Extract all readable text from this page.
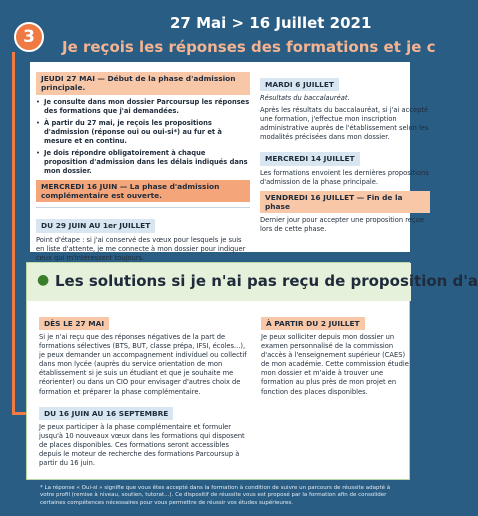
27 Mai > 16 Juillet 2021
Je reçois les réponses des formations et je c
3
JEUDI 27 MAI — Début de la phase d'admission principale.

• Je consulte dans mon dossier Parcoursup les réponses des formations que j'ai demandées.

• À partir du 27 mai, je reçois les propositions d'admission (réponse oui ou oui-si*) au fur et à mesure et en continu.

• Je dois répondre obligatoirement à chaque proposition d'admission dans les délais indiqués dans mon dossier.

MERCREDI 16 JUIN — La phase d'admission complémentaire est ouverte.
DU 29 JUIN AU 1er JUILLET

Point d'étape : si j'ai conservé des vœux pour lesquels je suis en liste d'attente, je me connecte à mon dossier pour indiquer ceux qui m'intéressent toujours.

MARDI 6 JUILLET

Résultats du baccalauréat.

Après les résultats du baccalauréat, si j'ai accepté une formation, j'effectue mon inscription administrative auprès de l'établissement selon les modalités précisées dans mon dossier.

MERCREDI 14 JUILLET

Les formations envoient les dernières propositions d'admission de la phase principale.

VENDREDI 16 JUILLET — Fin de la phase

Dernier jour pour accepter une proposition reçue lors de cette phase.

● Les solutions si je n'ai pas reçu de proposition d'a
DÈS LE 27 MAI

Si je n'ai reçu que des réponses négatives de la part de formations sélectives (BTS, BUT, classe prépa, IFSI, écoles...), je peux demander un accompagnement individuel ou collectif dans mon lycée (auprès du service orientation de mon établissement si je suis un étudiant et que je souhaite me réorienter) ou dans un CIO pour envisager d'autres choix de formation et préparer la phase complémentaire.

DU 16 JUIN AU 16 SEPTEMBRE

Je peux participer à la phase complémentaire et formuler jusqu'à 10 nouveaux vœux dans les formations qui disposent de places disponibles. Ces formations seront accessibles depuis le moteur de recherche des formations Parcoursup à partir du 16 juin.

À PARTIR DU 2 JUILLET

Je peux solliciter depuis mon dossier un examen personnalisé de la commission d'accès à l'enseignement supérieur (CAES) de mon académie. Cette commission étudie mon dossier et m'aide à trouver une formation au plus près de mon projet en fonction des places disponibles.

* La réponse « Oui-si » signifie que vous êtes accepté dans la formation à condition de suivre un parcours de réussite adapté à votre profil (remise à niveau, soutien, tutorat...). Ce dispositif de réussite vous est proposé par la formation afin de consolider certaines compétences nécessaires pour vous permettre de réussir vos études supérieures.
